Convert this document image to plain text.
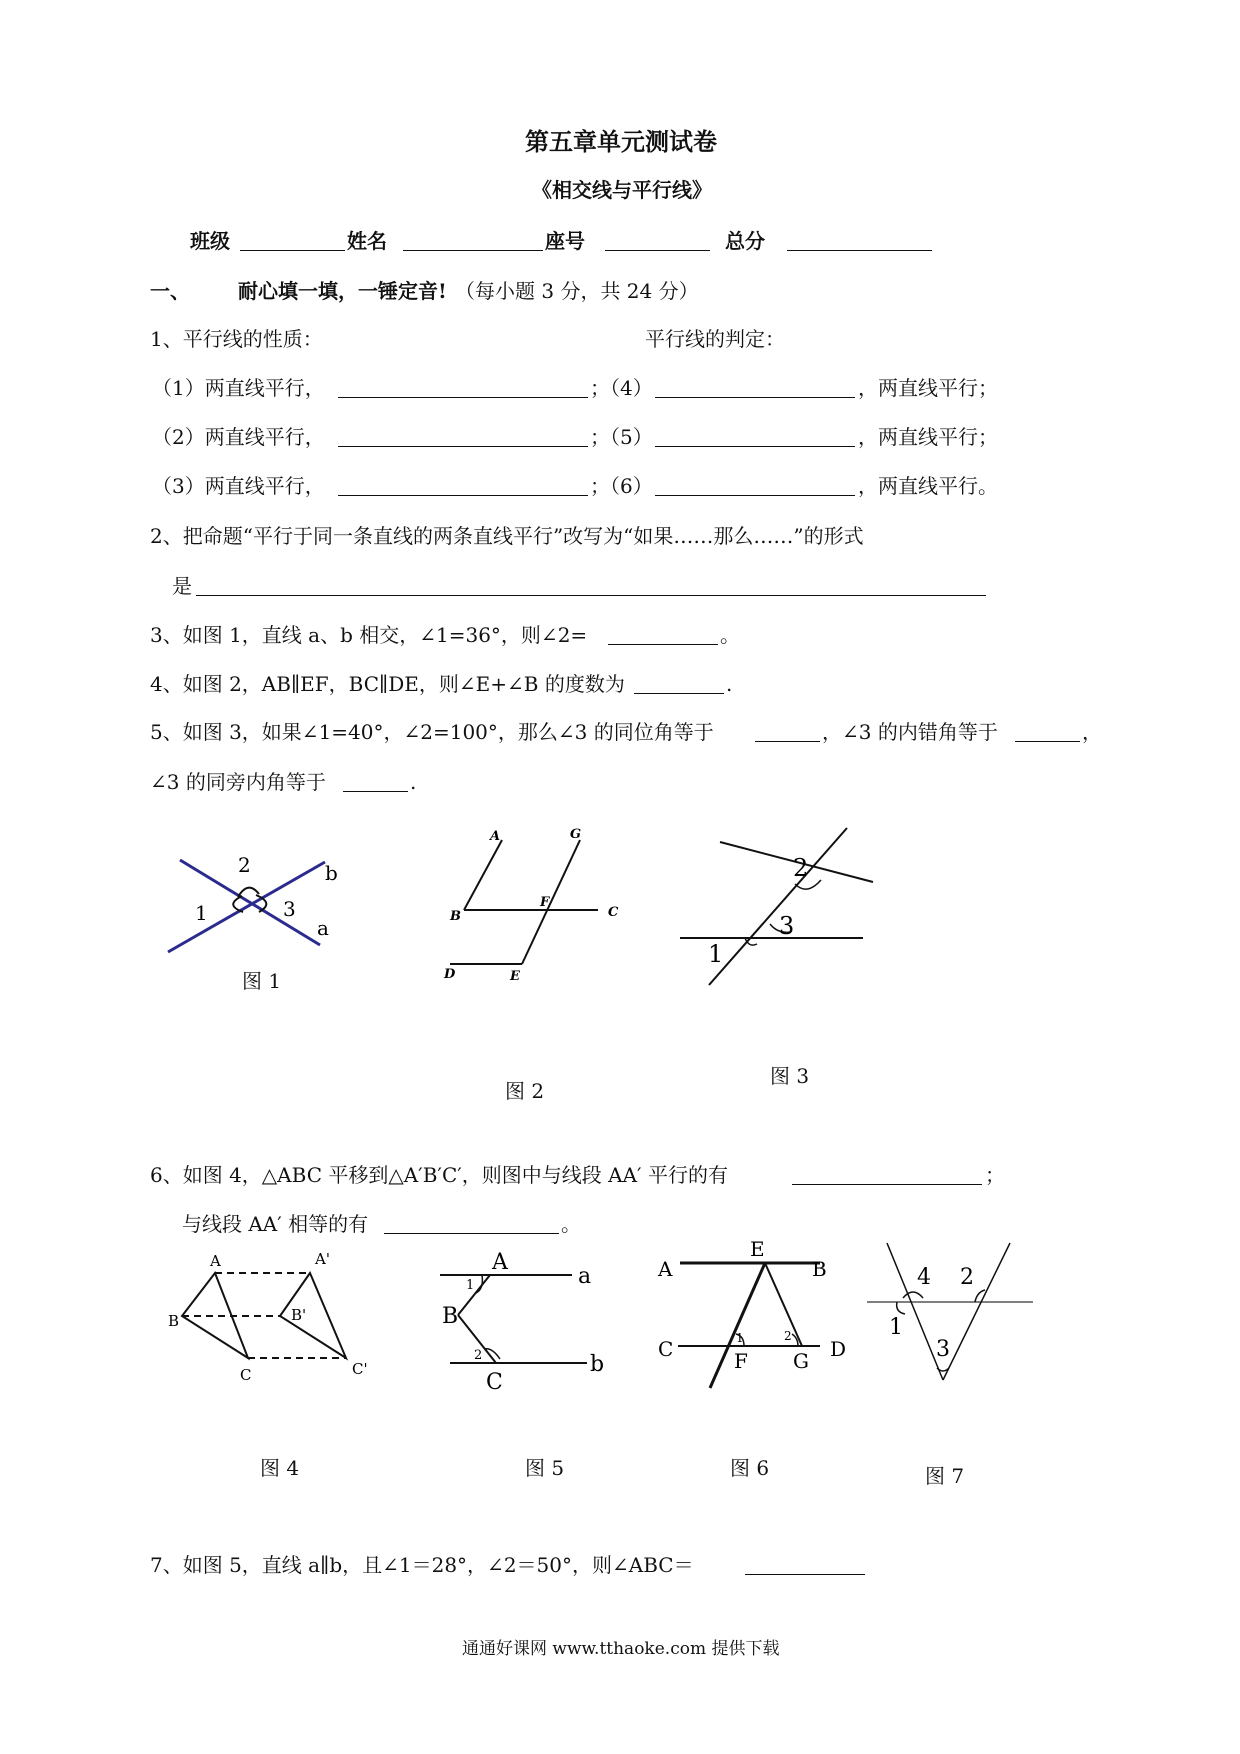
第五章单元测试卷
《相交线与平行线》
班级	姓名	座号	总分
一、 耐心填一填，一锤定音! （每小题 3 分，共 24 分）
1、平行线的性质：	平行线的判定：
（1）两直线平行，	；（4）	，两直线平行；
（2）两直线平行，	；（5）	，两直线平行；
（3）两直线平行，	；（6）	，两直线平行。
2、把命题“平行于同一条直线的两条直线平行”改写为“如果……那么……”的形式
是
3、如图 1，直线 a、b 相交，∠1=36°，则∠2=	。
4、如图 2，AB∥EF，BC∥DE，则∠E+∠B 的度数为	.
5、如图 3，如果∠1=40°，∠2=100°，那么∠3 的同位角等于	，∠3 的内错角等于	，
∠3 的同旁内角等于	.
2
1	3
b
a
图 1
A	G
B
F
C
D	E
图 2
2
3
1
图 3
6、如图 4，△ABC 平移到△A′B′C′，则图中与线段 AA′ 平行的有	；
与线段 AA′ 相等的有	。
A	A'
B	B'
C	C'
图 4
A
a
1
B
2
C
b
图 5
A
E
B
C	1
F
2
G D
图 6
4 2
1
3
图 7
7、如图 5，直线 a∥b，且∠1＝28°，∠2＝50°，则∠ABC＝
通通好课网 www.tthaoke.com 提供下载
